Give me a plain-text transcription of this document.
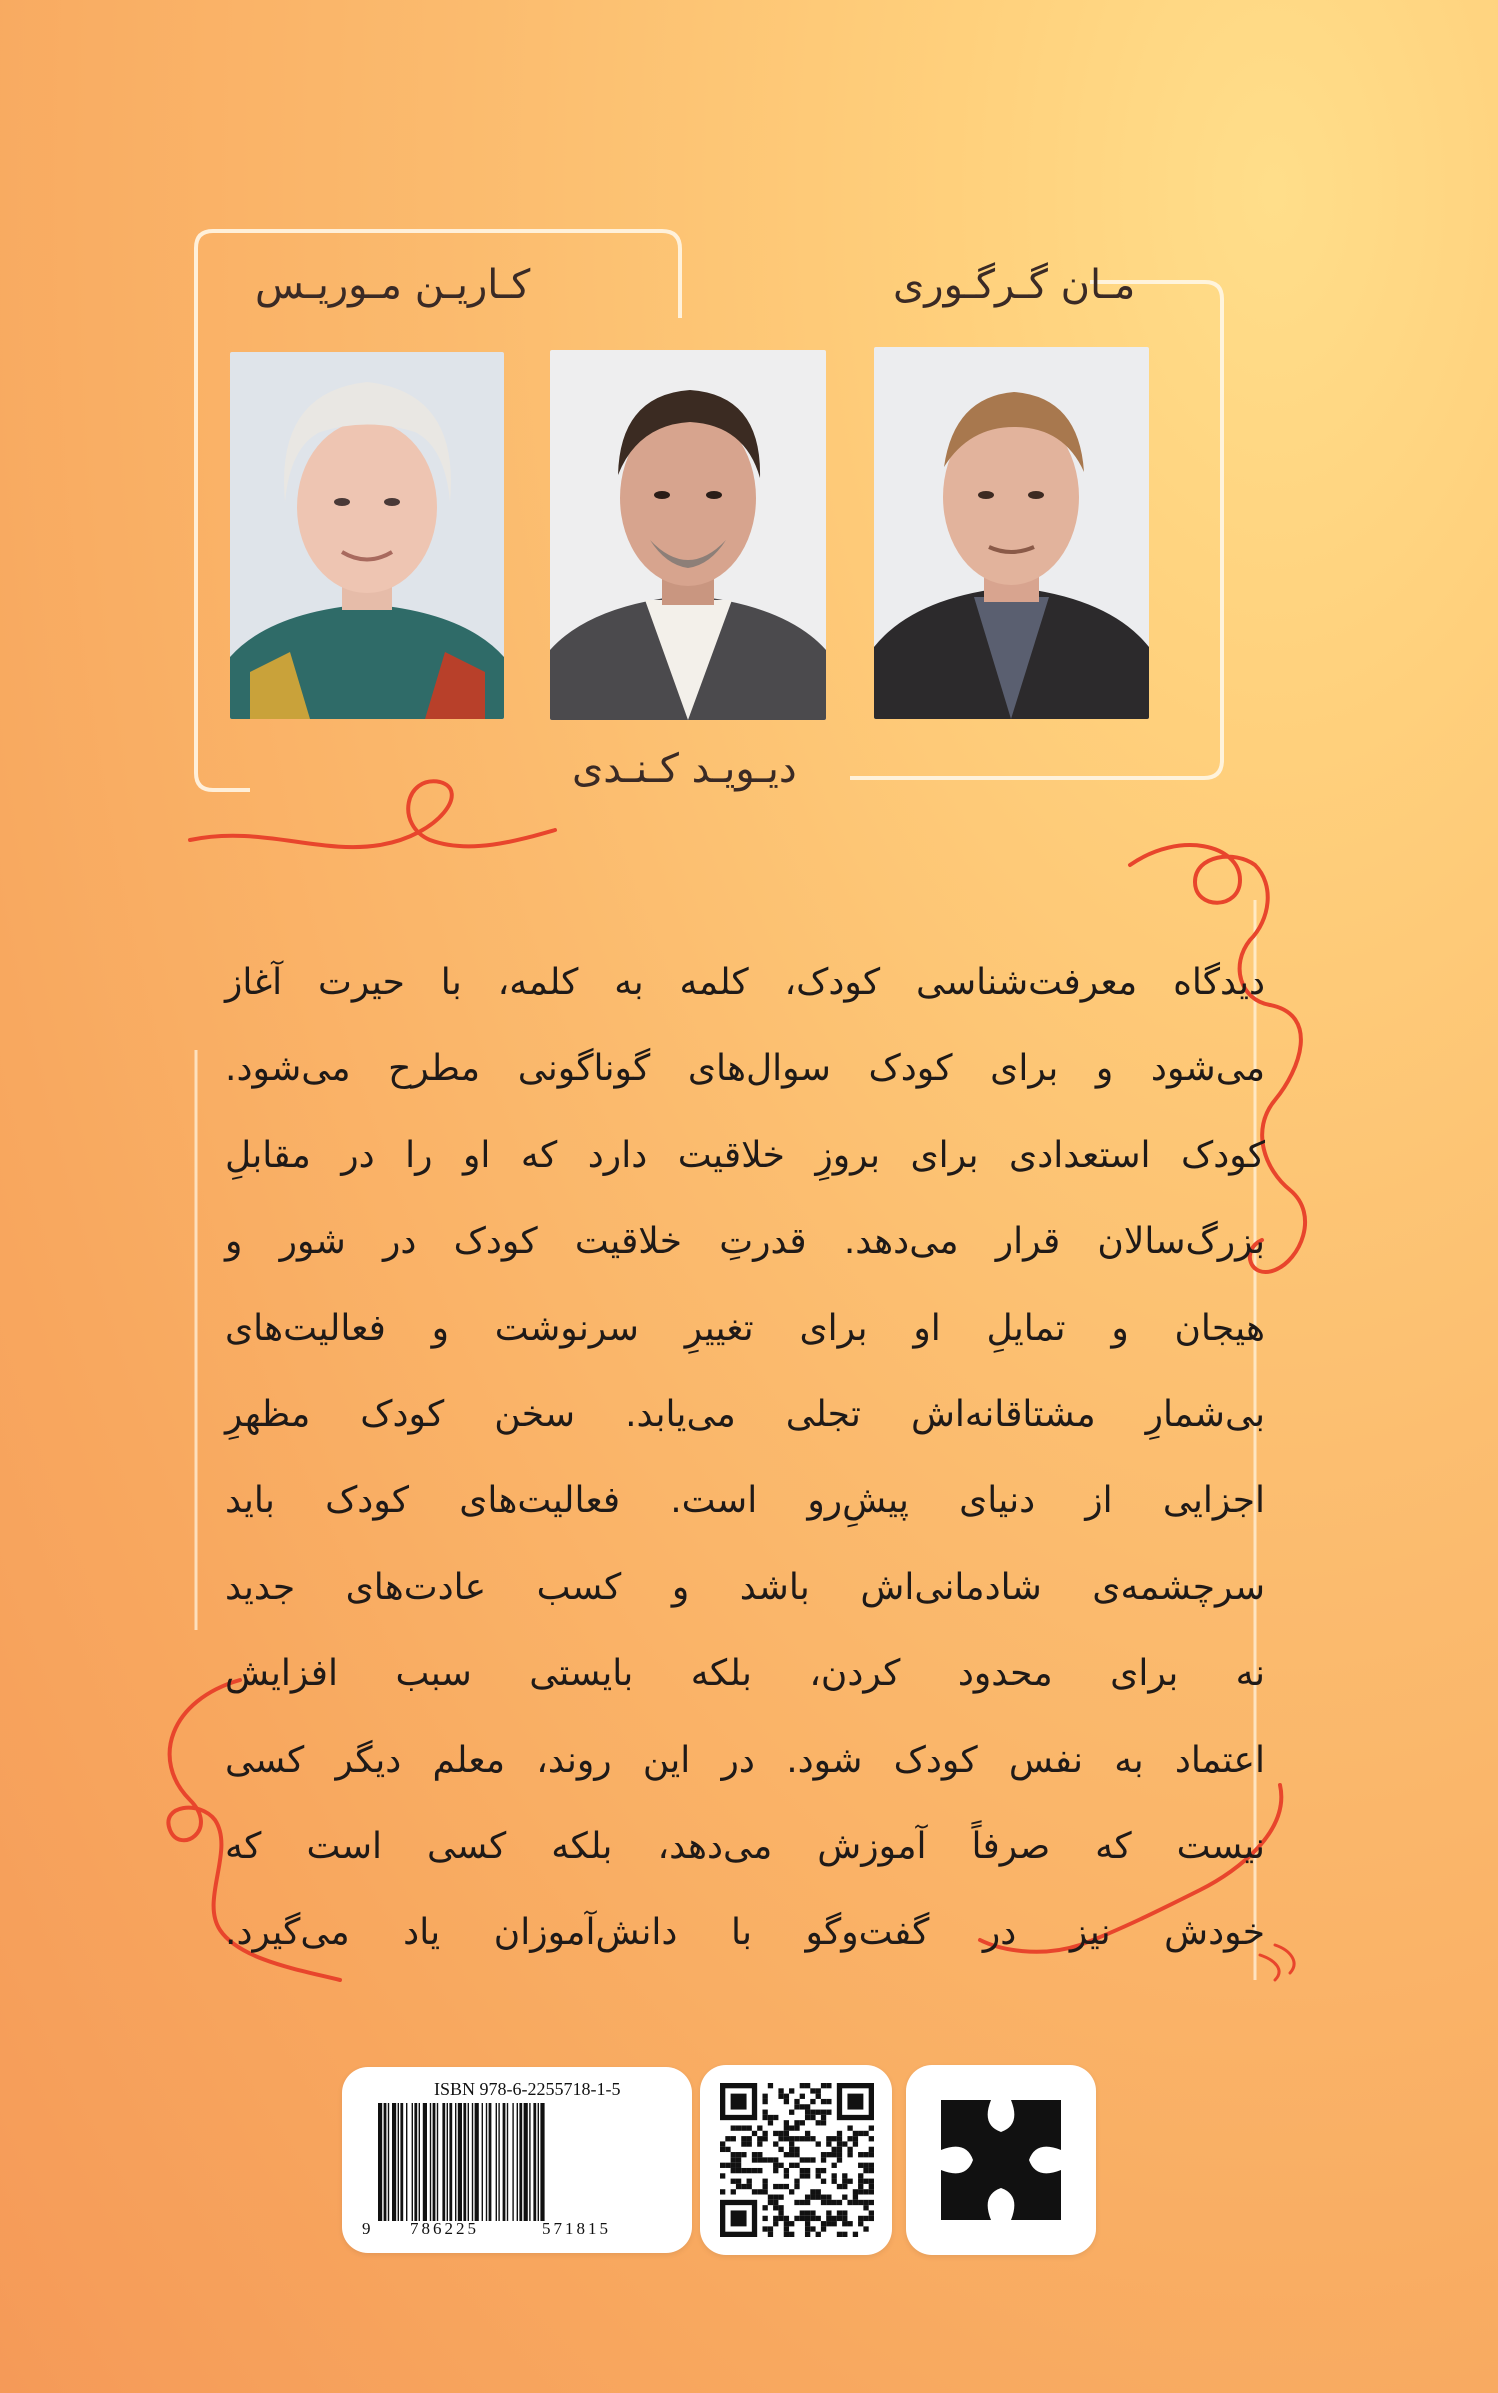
مـان گـرگـوری
دیـویـد کـنـدی
کـاریـن مـوریـس
دیدگاه معرفت‌شناسی کودک، کلمه به کلمه، با حیرت آغاز
می‌شود و برای کودک سوال‌های گوناگونی مطرح می‌شود.
کودک استعدادی برای بروزِ خلاقیت دارد که او را در مقابلِ
بزرگ‌سالان قرار می‌دهد. قدرتِ خلاقیت کودک در شور و
هیجان و تمایلِ او برای تغییرِ سرنوشت و فعالیت‌های
بی‌شمارِ مشتاقانه‌اش تجلی می‌یابد. سخن کودک مظهرِ
اجزایی از دنیای پیشِ‌رو است. فعالیت‌های کودک باید
سرچشمه‌ی شادمانی‌اش باشد و کسب عادت‌های جدید
نه برای محدود کردن، بلکه بایستی سبب افزایش
اعتماد به نفس کودک شود. در این روند، معلم دیگر کسی
نیست که صرفاً آموزش می‌دهد، بلکه کسی است که
خودش نیز در گفت‌وگو با دانش‌آموزان یاد می‌گیرد.
ISBN 978-6-2255718-1-5
9 786225	571815
